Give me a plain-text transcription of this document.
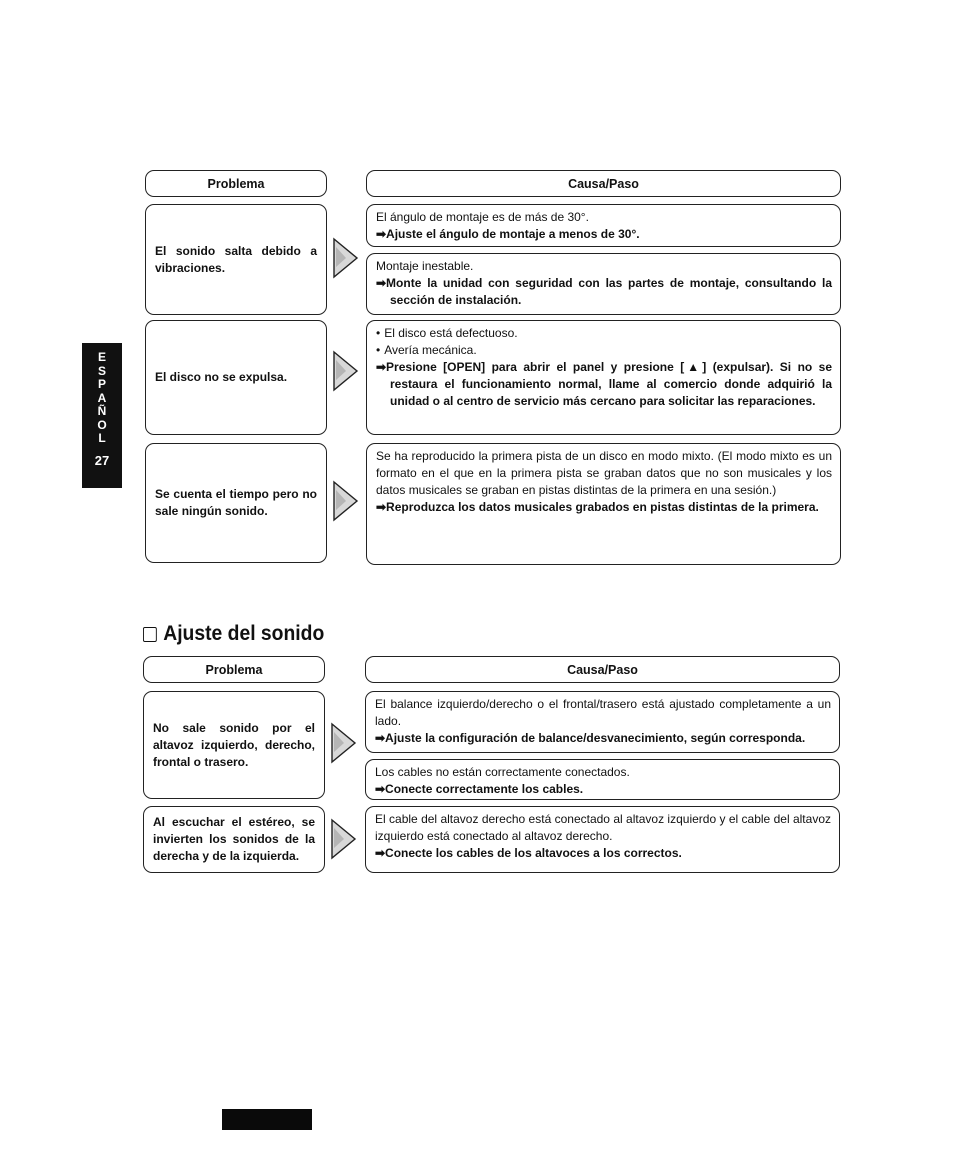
E
S
P
A
Ñ
O
L
27
Problema	Causa/Paso
El sonido salta debido a vibraciones.

El ángulo de montaje es de más de 30°.

➡Ajuste el ángulo de montaje a menos de 30°.

Montaje inestable.

➡Monte la unidad con seguridad con las partes de montaje, consultando la sección de instalación.

El disco no se expulsa.

• El disco está defectuoso.

• Avería mecánica.

➡Presione [OPEN] para abrir el panel y presione [▲] (expulsar). Si no se restaura el funcionamiento normal, llame al comercio donde adquirió la unidad o al centro de servicio más cercano para solicitar las reparaciones.

Se cuenta el tiempo pero no sale ningún sonido.

Se ha reproducido la primera pista de un disco en modo mixto. (El modo mixto es un formato en el que en la primera pista se graban datos que no son musicales y los datos musicales se graban en pistas distintas de la primera en una sesión.)

➡Reproduzca los datos musicales grabados en pistas distintas de la primera.

Ajuste del sonido
Problema	Causa/Paso
No sale sonido por el altavoz izquierdo, derecho, frontal o trasero.

El balance izquierdo/derecho o el frontal/trasero está ajustado completamente a un lado.

➡Ajuste la configuración de balance/desvanecimiento, según corresponda.

Los cables no están correctamente conectados.

➡Conecte correctamente los cables.

Al escuchar el estéreo, se invierten los sonidos de la derecha y de la izquierda.

El cable del altavoz derecho está conectado al altavoz izquierdo y el cable del altavoz izquierdo está conectado al altavoz derecho.

➡Conecte los cables de los altavoces a los correctos.
